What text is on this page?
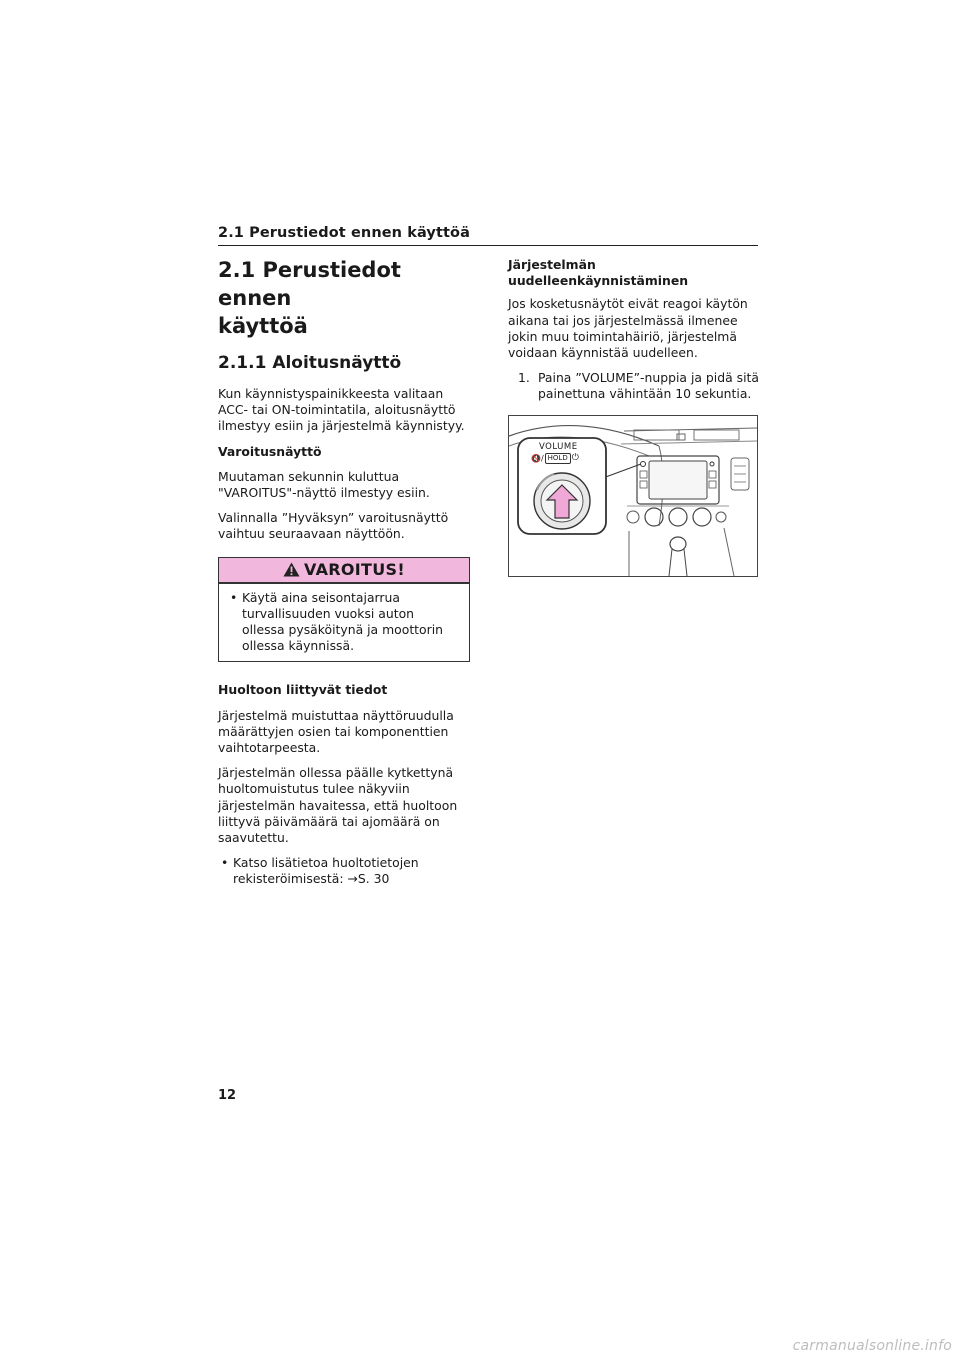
2.1 Perustiedot ennen käyttöä
2.1 Perustiedot ennen
käyttöä
2.1.1 Aloitusnäyttö

Kun käynnistyspainikkeesta valitaan ACC- tai ON-toimintatila, aloitusnäyttö ilmestyy esiin ja järjestelmä käynnistyy.

Varoitusnäyttö

Muutaman sekunnin kuluttua "VAROITUS"-näyttö ilmestyy esiin.

Valinnalla ”Hyväksyn” varoitusnäyttö vaihtuu seuraavaan näyttöön.

VAROITUS!
• Käytä aina seisontajarrua turvallisuuden vuoksi auton ollessa pysäköitynä ja moottorin ollessa käynnissä.
Huoltoon liittyvät tiedot

Järjestelmä muistuttaa näyttöruudulla määrättyjen osien tai komponenttien vaihtotarpeesta.

Järjestelmän ollessa päälle kytkettynä huoltomuistutus tulee näkyviin järjestelmän havaitessa, että huoltoon liittyvä päivämäärä tai ajomäärä on saavutettu.

• Katso lisätietoa huoltotietojen rekisteröimisestä: →S. 30
Järjestelmän uudelleenkäynnistäminen

Jos kosketusnäytöt eivät reagoi käytön aikana tai jos järjestelmässä ilmenee jokin muu toimintahäiriö, järjestelmä voidaan käynnistää uudelleen.

1. Paina ”VOLUME”-nuppia ja pidä sitä painettuna vähintään 10 sekuntia.
VOLUME
🔇/ HOLD ⏻
12
carmanualsonline.info
